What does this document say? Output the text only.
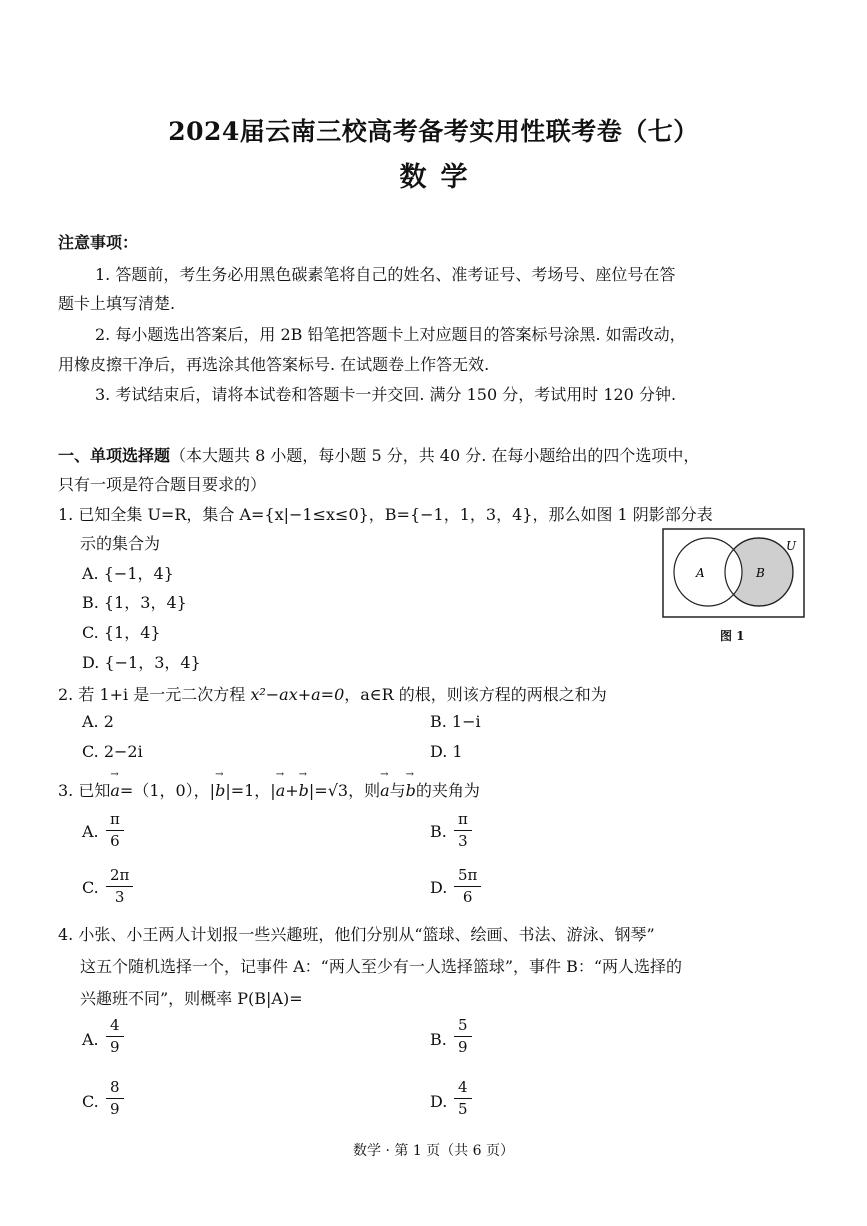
2024届云南三校高考备考实用性联考卷（七）
数学
注意事项：
1. 答题前，考生务必用黑色碳素笔将自己的姓名、准考证号、考场号、座位号在答
题卡上填写清楚.
2. 每小题选出答案后，用 2B 铅笔把答题卡上对应题目的答案标号涂黑. 如需改动，
用橡皮擦干净后，再选涂其他答案标号. 在试题卷上作答无效.
3. 考试结束后，请将本试卷和答题卡一并交回. 满分 150 分，考试用时 120 分钟.
一、单项选择题（本大题共 8 小题，每小题 5 分，共 40 分. 在每小题给出的四个选项中，
只有一项是符合题目要求的）
1. 已知全集 U=R，集合 A={x|−1≤x≤0}，B={−1，1，3，4}，那么如图 1 阴影部分表
示的集合为
A. {−1，4}
B. {1，3，4}
C. {1，4}
D. {−1，3，4}
U
A	B
图 1
2. 若 1+i 是一元二次方程 x²−ax+a=0，a∈R 的根，则该方程的两根之和为
A. 2	B. 1−i
C. 2−2i	D. 1
3. 已知→ a=（1，0），|→ b|=1，|→ a+→ b|=√3，则→ a与→ b的夹角为
A. $\frac{\pi}{6}$	B. $\frac{\pi}{3}$
C. $\frac{2\pi}{3}$	D. $\frac{5\pi}{6}$
4. 小张、小王两人计划报一些兴趣班，他们分别从“篮球、绘画、书法、游泳、钢琴”
这五个随机选择一个，记事件 A：“两人至少有一人选择篮球”，事件 B：“两人选择的
兴趣班不同”，则概率 P(B|A)=
A. $\frac{4}{9}$	B. $\frac{5}{9}$
C. $\frac{8}{9}$	D. $\frac{4}{5}$
数学 · 第 1 页（共 6 页）
